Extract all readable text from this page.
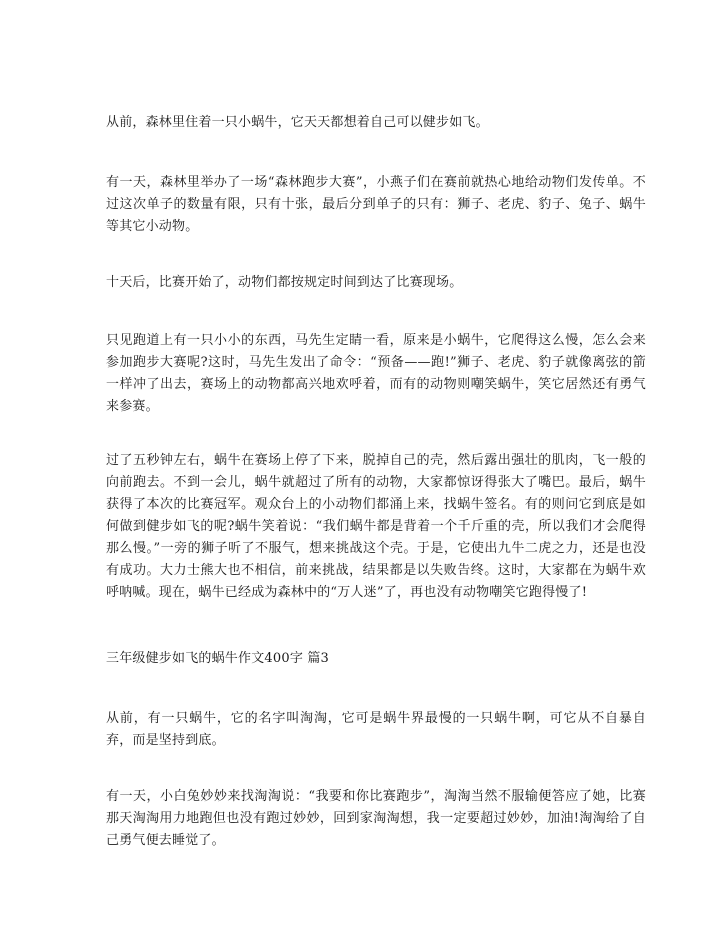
从前，森林里住着一只小蜗牛，它天天都想着自己可以健步如飞。

有一天，森林里举办了一场“森林跑步大赛”，小燕子们在赛前就热心地给动物们发传单。不过这次单子的数量有限，只有十张，最后分到单子的只有：狮子、老虎、豹子、兔子、蜗牛等其它小动物。

十天后，比赛开始了，动物们都按规定时间到达了比赛现场。

只见跑道上有一只小小的东西，马先生定睛一看，原来是小蜗牛，它爬得这么慢，怎么会来参加跑步大赛呢?这时，马先生发出了命令：“预备——跑!”狮子、老虎、豹子就像离弦的箭一样冲了出去，赛场上的动物都高兴地欢呼着，而有的动物则嘲笑蜗牛，笑它居然还有勇气来参赛。

过了五秒钟左右，蜗牛在赛场上停了下来，脱掉自己的壳，然后露出强壮的肌肉，飞一般的向前跑去。不到一会儿，蜗牛就超过了所有的动物，大家都惊讶得张大了嘴巴。最后，蜗牛获得了本次的比赛冠军。观众台上的小动物们都涌上来，找蜗牛签名。有的则问它到底是如何做到健步如飞的呢?蜗牛笑着说：“我们蜗牛都是背着一个千斤重的壳，所以我们才会爬得那么慢。”一旁的狮子听了不服气，想来挑战这个壳。于是，它使出九牛二虎之力，还是也没有成功。大力士熊大也不相信，前来挑战，结果都是以失败告终。这时，大家都在为蜗牛欢呼呐喊。现在，蜗牛已经成为森林中的“万人迷”了，再也没有动物嘲笑它跑得慢了!

三年级健步如飞的蜗牛作文400字 篇3

从前，有一只蜗牛，它的名字叫淘淘，它可是蜗牛界最慢的一只蜗牛啊，可它从不自暴自弃，而是坚持到底。

有一天，小白兔妙妙来找淘淘说：“我要和你比赛跑步”，淘淘当然不服输便答应了她，比赛那天淘淘用力地跑但也没有跑过妙妙，回到家淘淘想，我一定要超过妙妙，加油!淘淘给了自己勇气便去睡觉了。
